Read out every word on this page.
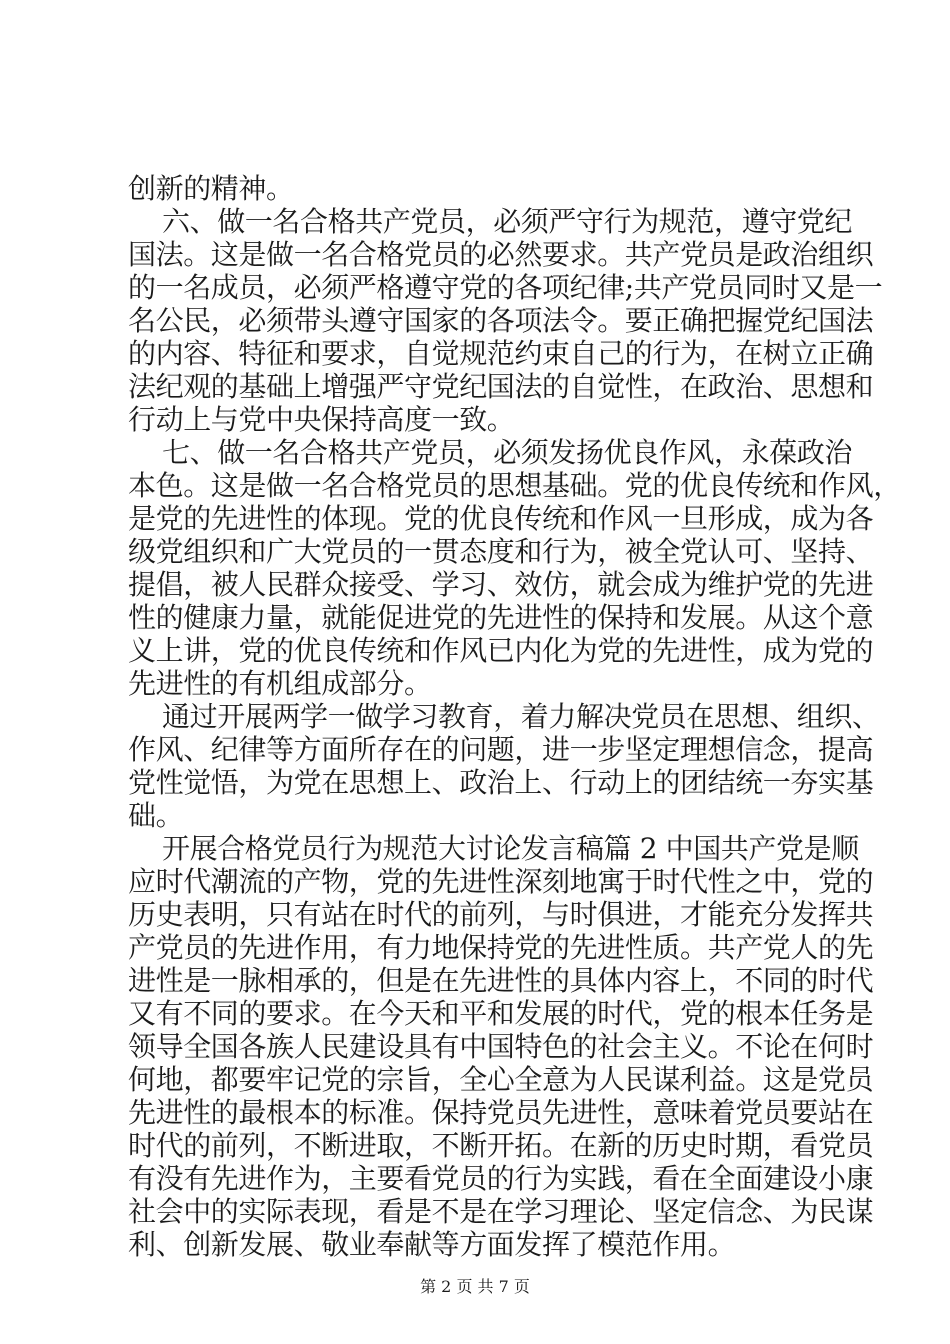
创新的精神。
六、做一名合格共产党员，必须严守行为规范，遵守党纪
国法。这是做一名合格党员的必然要求。共产党员是政治组织
的一名成员，必须严格遵守党的各项纪律;共产党员同时又是一
名公民，必须带头遵守国家的各项法令。要正确把握党纪国法
的内容、特征和要求，自觉规范约束自己的行为，在树立正确
法纪观的基础上增强严守党纪国法的自觉性，在政治、思想和
行动上与党中央保持高度一致。
七、做一名合格共产党员，必须发扬优良作风，永葆政治
本色。这是做一名合格党员的思想基础。党的优良传统和作风，
是党的先进性的体现。党的优良传统和作风一旦形成，成为各
级党组织和广大党员的一贯态度和行为，被全党认可、坚持、
提倡，被人民群众接受、学习、效仿，就会成为维护党的先进
性的健康力量，就能促进党的先进性的保持和发展。从这个意
义上讲，党的优良传统和作风已内化为党的先进性，成为党的
先进性的有机组成部分。
通过开展两学一做学习教育，着力解决党员在思想、组织、
作风、纪律等方面所存在的问题，进一步坚定理想信念，提高
党性觉悟，为党在思想上、政治上、行动上的团结统一夯实基
础。
开展合格党员行为规范大讨论发言稿篇 2 中国共产党是顺
应时代潮流的产物，党的先进性深刻地寓于时代性之中，党的
历史表明，只有站在时代的前列，与时俱进，才能充分发挥共
产党员的先进作用，有力地保持党的先进性质。共产党人的先
进性是一脉相承的，但是在先进性的具体内容上，不同的时代
又有不同的要求。在今天和平和发展的时代，党的根本任务是
领导全国各族人民建设具有中国特色的社会主义。不论在何时
何地，都要牢记党的宗旨，全心全意为人民谋利益。这是党员
先进性的最根本的标准。保持党员先进性，意味着党员要站在
时代的前列，不断进取，不断开拓。在新的历史时期，看党员
有没有先进作为，主要看党员的行为实践，看在全面建设小康
社会中的实际表现，看是不是在学习理论、坚定信念、为民谋
利、创新发展、敬业奉献等方面发挥了模范作用。
第 2 页 共 7 页
